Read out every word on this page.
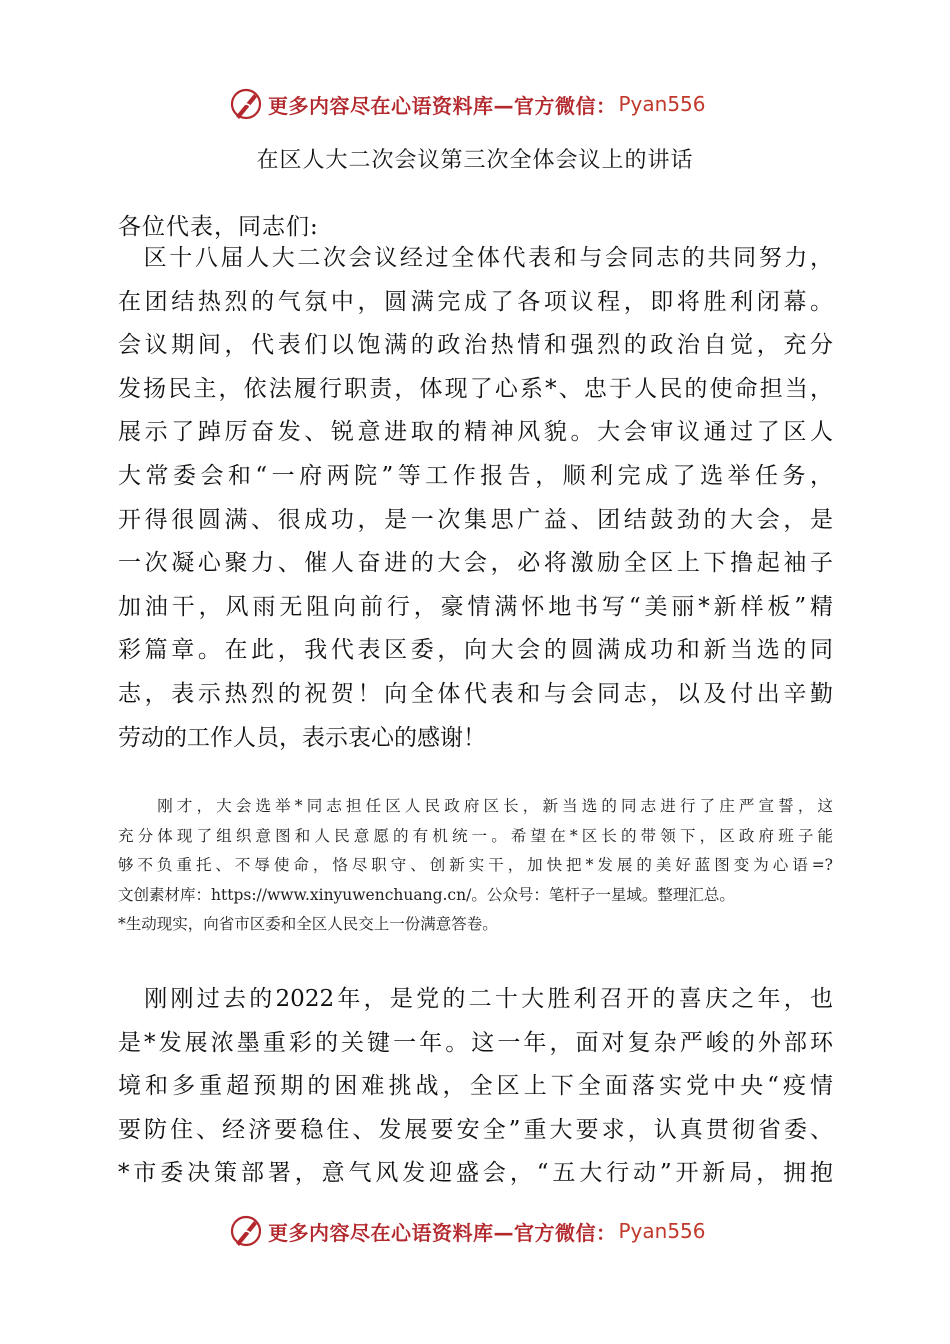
更多内容尽在心语资料库—官方微信： Pyan556
在区人大二次会议第三次全体会议上的讲话
各位代表，同志们:
　区十八届人大二次会议经过全体代表和与会同志的共同努力，
在团结热烈的气氛中，圆满完成了各项议程，即将胜利闭幕。
会议期间，代表们以饱满的政治热情和强烈的政治自觉，充分
发扬民主，依法履行职责，体现了心系*、忠于人民的使命担当，
展示了踔厉奋发、锐意进取的精神风貌。大会审议通过了区人
大常委会和“一府两院”等工作报告，顺利完成了选举任务，
开得很圆满、很成功，是一次集思广益、团结鼓劲的大会，是
一次凝心聚力、催人奋进的大会，必将激励全区上下撸起袖子
加油干，风雨无阻向前行，豪情满怀地书写“美丽*新样板”精
彩篇章。在此，我代表区委，向大会的圆满成功和新当选的同
志，表示热烈的祝贺！向全体代表和与会同志，以及付出辛勤
劳动的工作人员，表示衷心的感谢！
　　刚才，大会选举*同志担任区人民政府区长，新当选的同志进行了庄严宣誓，这
充分体现了组织意图和人民意愿的有机统一。希望在*区长的带领下，区政府班子能
够不负重托、不辱使命，恪尽职守、创新实干，加快把*发展的美好蓝图变为心语=?
文创素材库：https://www.xinyuwenchuang.cn/。公众号：笔杆子一星域。整理汇总。
*生动现实，向省市区委和全区人民交上一份满意答卷。
　刚刚过去的2022年，是党的二十大胜利召开的喜庆之年，也
是*发展浓墨重彩的关键一年。这一年，面对复杂严峻的外部环
境和多重超预期的困难挑战，全区上下全面落实党中央“疫情
要防住、经济要稳住、发展要安全”重大要求，认真贯彻省委、
*市委决策部署，意气风发迎盛会，“五大行动”开新局，拥抱
更多内容尽在心语资料库—官方微信： Pyan556
